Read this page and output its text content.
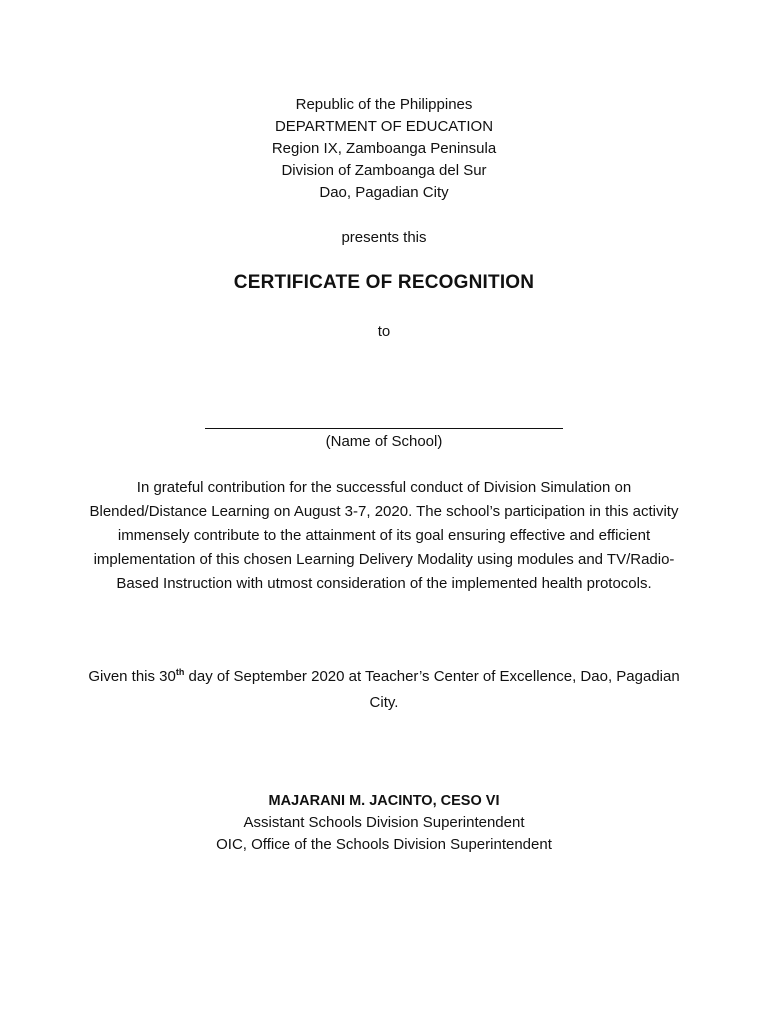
Republic of the Philippines
DEPARTMENT OF EDUCATION
Region IX, Zamboanga Peninsula
Division of Zamboanga del Sur
Dao, Pagadian City
presents this
CERTIFICATE OF RECOGNITION
to
(Name of School)
In grateful contribution for the successful conduct of Division Simulation on Blended/Distance Learning on August 3-7, 2020. The school’s participation in this activity immensely contribute to the attainment of its goal ensuring effective and efficient implementation of this chosen Learning Delivery Modality using modules and TV/Radio-Based Instruction with utmost consideration of the implemented health protocols.
Given this 30th day of September 2020 at Teacher’s Center of Excellence, Dao, Pagadian City.
MAJARANI M. JACINTO, CESO VI
Assistant Schools Division Superintendent
OIC, Office of the Schools Division Superintendent
